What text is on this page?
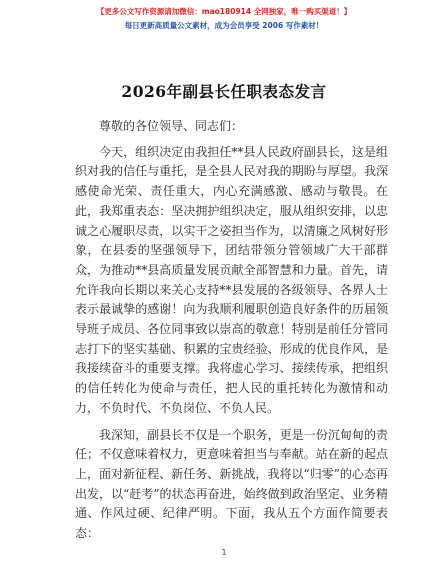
【更多公文写作资源请加微信：mao180914 全网独家，唯一购买渠道！】
每日更新高质量公文素材，成为会员享受 2006 写作素材！
2026年副县长任职表态发言

尊敬的各位领导、同志们：

今天，组织决定由我担任**县人民政府副县长，这是组织对我的信任与重托，是全县人民对我的期盼与厚望。我深感使命光荣、责任重大，内心充满感激、感动与敬畏。在此，我郑重表态：坚决拥护组织决定，服从组织安排，以忠诚之心履职尽责，以实干之姿担当作为，以清廉之风树好形象，在县委的坚强领导下，团结带领分管领域广大干部群众，为推动**县高质量发展贡献全部智慧和力量。首先，请允许我向长期以来关心支持**县发展的各级领导、各界人士表示最诚挚的感谢！向为我顺利履职创造良好条件的历届领导班子成员、各位同事致以崇高的敬意！特别是前任分管同志打下的坚实基础、积累的宝贵经验、形成的优良作风，是我接续奋斗的重要支撑。我将虚心学习、接续传承，把组织的信任转化为使命与责任，把人民的重托转化为激情和动力，不负时代、不负岗位、不负人民。

我深知，副县长不仅是一个职务，更是一份沉甸甸的责任；不仅意味着权力，更意味着担当与奉献。站在新的起点上，面对新征程、新任务、新挑战，我将以“归零”的心态再出发，以“赶考”的状态再奋进，始终做到政治坚定、业务精通、作风过硬、纪律严明。下面，我从五个方面作简要表态：

1
